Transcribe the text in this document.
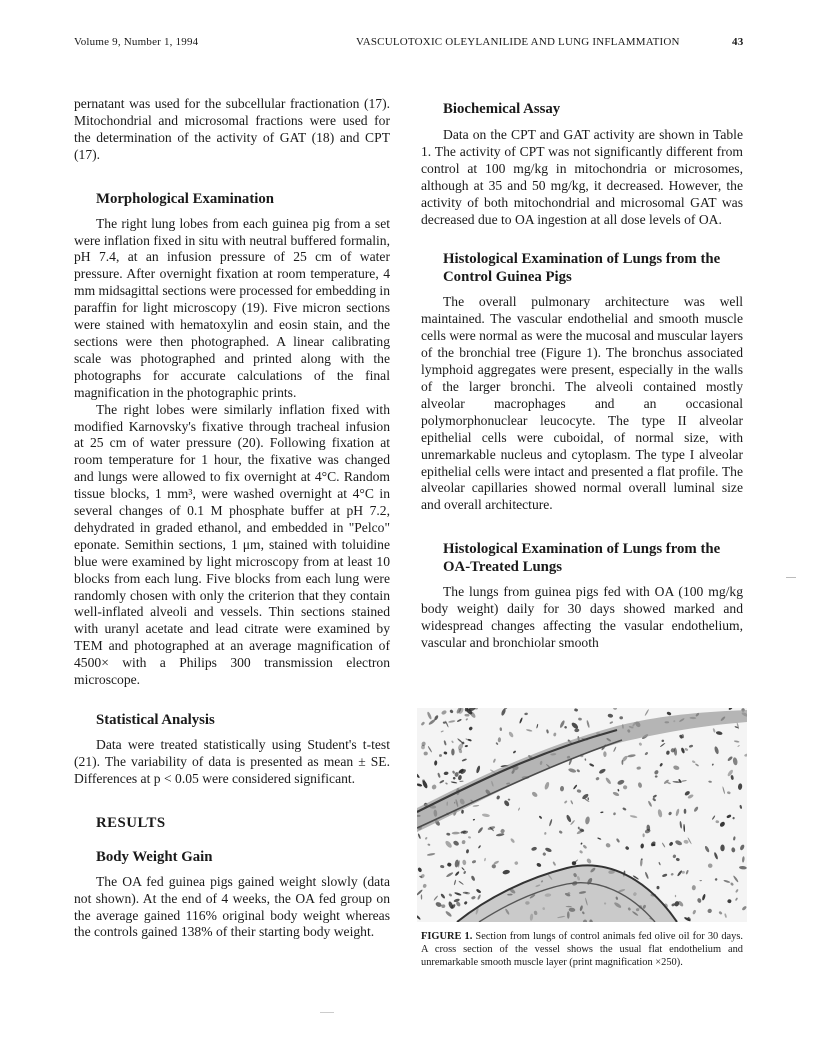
Volume 9, Number 1, 1994	VASCULOTOXIC OLEYLANILIDE AND LUNG INFLAMMATION	43

pernatant was used for the subcellular fractionation (17). Mitochondrial and microsomal fractions were used for the determination of the activity of GAT (18) and CPT (17).

Morphological Examination

The right lung lobes from each guinea pig from a set were inflation fixed in situ with neutral buffered formalin, pH 7.4, at an infusion pressure of 25 cm of water pressure. After overnight fixation at room temperature, 4 mm midsagittal sections were processed for embedding in paraffin for light microscopy (19). Five micron sections were stained with hematoxylin and eosin stain, and the sections were then photographed. A linear calibrating scale was photographed and printed along with the photographs for accurate calculations of the final magnification in the photographic prints.

The right lobes were similarly inflation fixed with modified Karnovsky's fixative through tracheal infusion at 25 cm of water pressure (20). Following fixation at room temperature for 1 hour, the fixative was changed and lungs were allowed to fix overnight at 4°C. Random tissue blocks, 1 mm³, were washed overnight at 4°C in several changes of 0.1 M phosphate buffer at pH 7.2, dehydrated in graded ethanol, and embedded in "Pelco" eponate. Semithin sections, 1 μm, stained with toluidine blue were examined by light microscopy from at least 10 blocks from each lung. Five blocks from each lung were randomly chosen with only the criterion that they contain well-inflated alveoli and vessels. Thin sections stained with uranyl acetate and lead citrate were examined by TEM and photographed at an average magnification of 4500× with a Philips 300 transmission electron microscope.

Statistical Analysis

Data were treated statistically using Student's t-test (21). The variability of data is presented as mean ± SE. Differences at p < 0.05 were considered significant.

RESULTS
Body Weight Gain

The OA fed guinea pigs gained weight slowly (data not shown). At the end of 4 weeks, the OA fed group on the average gained 116% original body weight whereas the controls gained 138% of their starting body weight.

Biochemical Assay

Data on the CPT and GAT activity are shown in Table 1. The activity of CPT was not significantly different from control at 100 mg/kg in mitochondria or microsomes, although at 35 and 50 mg/kg, it decreased. However, the activity of both mitochondrial and microsomal GAT was decreased due to OA ingestion at all dose levels of OA.

Histological Examination of Lungs from the Control Guinea Pigs

The overall pulmonary architecture was well maintained. The vascular endothelial and smooth muscle cells were normal as were the mucosal and muscular layers of the bronchial tree (Figure 1). The bronchus associated lymphoid aggregates were present, especially in the walls of the larger bronchi. The alveoli contained mostly alveolar macrophages and an occasional polymorphonuclear leucocyte. The type II alveolar epithelial cells were cuboidal, of normal size, with unremarkable nucleus and cytoplasm. The type I alveolar epithelial cells were intact and presented a flat profile. The alveolar capillaries showed normal overall luminal size and overall architecture.

Histological Examination of Lungs from the OA-Treated Lungs

The lungs from guinea pigs fed with OA (100 mg/kg body weight) daily for 30 days showed marked and widespread changes affecting the vasular endothelium, vascular and bronchiolar smooth

FIGURE 1. Section from lungs of control animals fed olive oil for 30 days. A cross section of the vessel shows the usual flat endothelium and unremarkable smooth muscle layer (print magnification ×250).
